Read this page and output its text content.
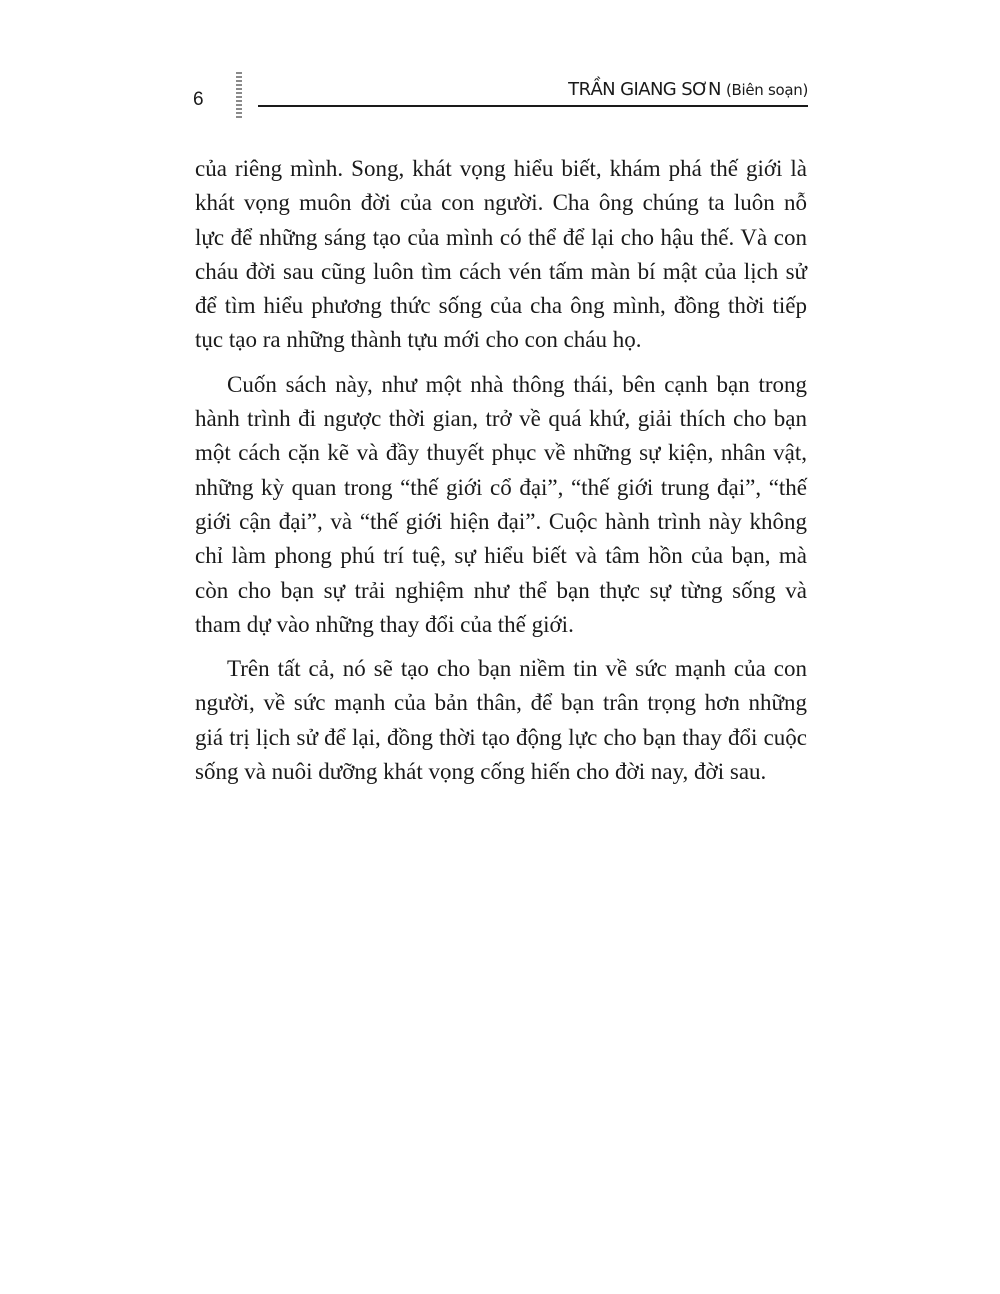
6	TRẦN GIANG SƠN (Biên soạn)
của riêng mình. Song, khát vọng hiểu biết, khám phá thế giới là
khát vọng muôn đời của con người. Cha ông chúng ta luôn nỗ
lực để những sáng tạo của mình có thể để lại cho hậu thế. Và con
cháu đời sau cũng luôn tìm cách vén tấm màn bí mật của lịch sử
để tìm hiểu phương thức sống của cha ông mình, đồng thời tiếp
tục tạo ra những thành tựu mới cho con cháu họ.
Cuốn sách này, như một nhà thông thái, bên cạnh bạn trong
hành trình đi ngược thời gian, trở về quá khứ, giải thích cho bạn
một cách cặn kẽ và đầy thuyết phục về những sự kiện, nhân vật,
những kỳ quan trong “thế giới cổ đại”, “thế giới trung đại”, “thế
giới cận đại”, và “thế giới hiện đại”. Cuộc hành trình này không
chỉ làm phong phú trí tuệ, sự hiểu biết và tâm hồn của bạn, mà
còn cho bạn sự trải nghiệm như thể bạn thực sự từng sống và
tham dự vào những thay đổi của thế giới.
Trên tất cả, nó sẽ tạo cho bạn niềm tin về sức mạnh của con
người, về sức mạnh của bản thân, để bạn trân trọng hơn những
giá trị lịch sử để lại, đồng thời tạo động lực cho bạn thay đổi cuộc
sống và nuôi dưỡng khát vọng cống hiến cho đời nay, đời sau.
